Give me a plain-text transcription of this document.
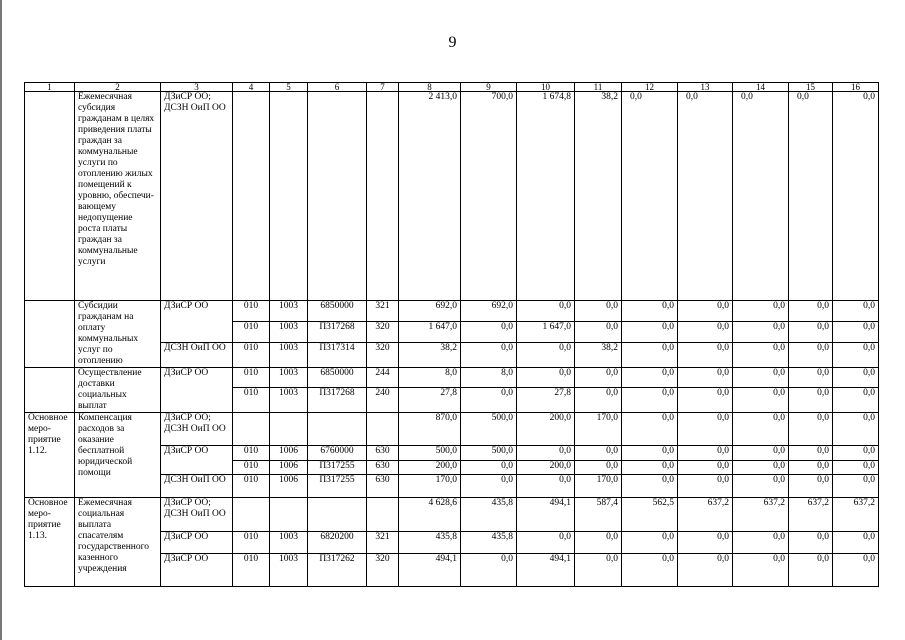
9
1	2	3	4	5	6	7	8	9	10	11	12	13	14	15	16
	Ежемесячная субсидия гражданам в целях приведения платы граждан за коммунальные услуги по отоплению жилых помещений к уровню, обеспечи-вающему недопущение роста платы граждан за коммунальные услуги	ДЗиСР ОО; ДСЗН ОиП ОО					2 413,0	700,0	1 674,8	38,2	0,0	0,0	0,0	0,0	0,0
	Субсидии гражданам на оплату коммунальных услуг по отоплению	ДЗиСР ОО	010	1003	6850000	321	692,0	692,0	0,0	0,0	0,0	0,0	0,0	0,0	0,0
			010	1003	П317268	320	1 647,0	0,0	1 647,0	0,0	0,0	0,0	0,0	0,0	0,0
		ДСЗН ОиП ОО	010	1003	П317314	320	38,2	0,0	0,0	38,2	0,0	0,0	0,0	0,0	0,0
	Осуществление доставки социальных выплат	ДЗиСР ОО	010	1003	6850000	244	8,0	8,0	0,0	0,0	0,0	0,0	0,0	0,0	0,0
			010	1003	П317268	240	27,8	0,0	27,8	0,0	0,0	0,0	0,0	0,0	0,0
Основное меро-приятие 1.12.	Компенсация расходов за оказание бесплатной юридической помощи	ДЗиСР ОО; ДСЗН ОиП ОО					870,0	500,0	200,0	170,0	0,0	0,0	0,0	0,0	0,0
		ДЗиСР ОО	010	1006	6760000	630	500,0	500,0	0,0	0,0	0,0	0,0	0,0	0,0	0,0
			010	1006	П317255	630	200,0	0,0	200,0	0,0	0,0	0,0	0,0	0,0	0,0
		ДСЗН ОиП ОО	010	1006	П317255	630	170,0	0,0	0,0	170,0	0,0	0,0	0,0	0,0	0,0
Основное меро-приятие 1.13.	Ежемесячная социальная выплата спасателям государственного казенного учреждения	ДЗиСР ОО; ДСЗН ОиП ОО					4 628,6	435,8	494,1	587,4	562,5	637,2	637,2	637,2	637,2
		ДЗиСР ОО	010	1003	6820200	321	435,8	435,8	0,0	0,0	0,0	0,0	0,0	0,0	0,0
		ДЗиСР ОО	010	1003	П317262	320	494,1	0,0	494,1	0,0	0,0	0,0	0,0	0,0	0,0
